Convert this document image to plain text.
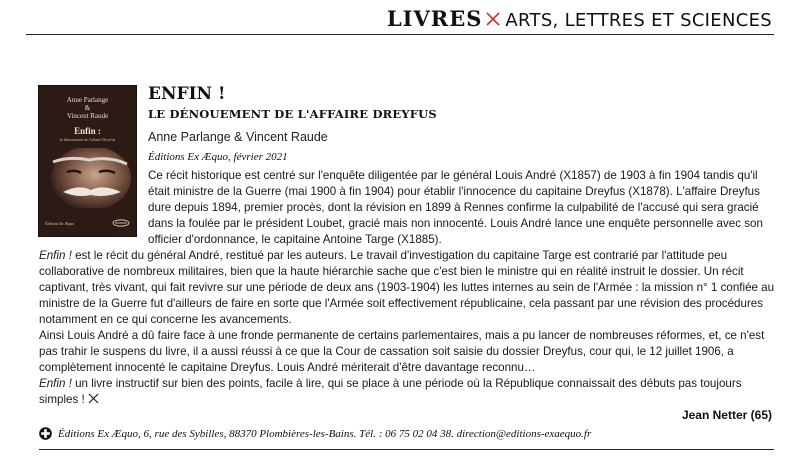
LIVRES ARTS, LETTRES ET SCIENCES
Anne Parlange
&
Vincent Raude
Enfin :
le dénouement de l'affaire Dreyfus
Éditions Ex Æquo
ENFIN !
LE DÉNOUEMENT DE L'AFFAIRE DREYFUS
Anne Parlange & Vincent Raude
Éditions Ex Æquo, février 2021

Ce récit historique est centré sur l'enquête diligentée par le général Louis André (X1857) de 1903 à fin 1904 tandis qu'il était ministre de la Guerre (mai 1900 à fin 1904) pour établir l'innocence du capitaine Dreyfus (X1878). L'affaire Dreyfus dure depuis 1894, premier procès, dont la révision en 1899 à Rennes confirme la culpabilité de l'accusé qui sera gracié dans la foulée par le président Loubet, gracié mais non innocenté. Louis André lance une enquête personnelle avec son officier d'ordonnance, le capitaine Antoine Targe (X1885).

Enfin ! est le récit du général André, restitué par les auteurs. Le travail d'investigation du capitaine Targe est contrarié par l'attitude peu collaborative de nombreux militaires, bien que la haute hiérarchie sache que c'est bien le ministre qui en réalité instruit le dossier. Un récit captivant, très vivant, qui fait revivre sur une période de deux ans (1903-1904) les luttes internes au sein de l'Armée : la mission n° 1 confiée au ministre de la Guerre fut d'ailleurs de faire en sorte que l'Armée soit effectivement républicaine, cela passant par une révision des procédures notamment en ce qui concerne les avancements.

Ainsi Louis André a dû faire face à une fronde permanente de certains parlementaires, mais a pu lancer de nombreuses réformes, et, ce n'est pas trahir le suspens du livre, il a aussi réussi à ce que la Cour de cassation soit saisie du dossier Dreyfus, cour qui, le 12 juillet 1906, a complètement innocenté le capitaine Dreyfus. Louis André mériterait d'être davantage reconnu…

Enfin ! un livre instructif sur bien des points, facile à lire, qui se place à une période où la République connaissait des débuts pas toujours simples !

Jean Netter (65)
Éditions Ex Æquo, 6, rue des Sybilles, 88370 Plombières-les-Bains. Tél. : 06 75 02 04 38. direction@editions-exaequo.fr
